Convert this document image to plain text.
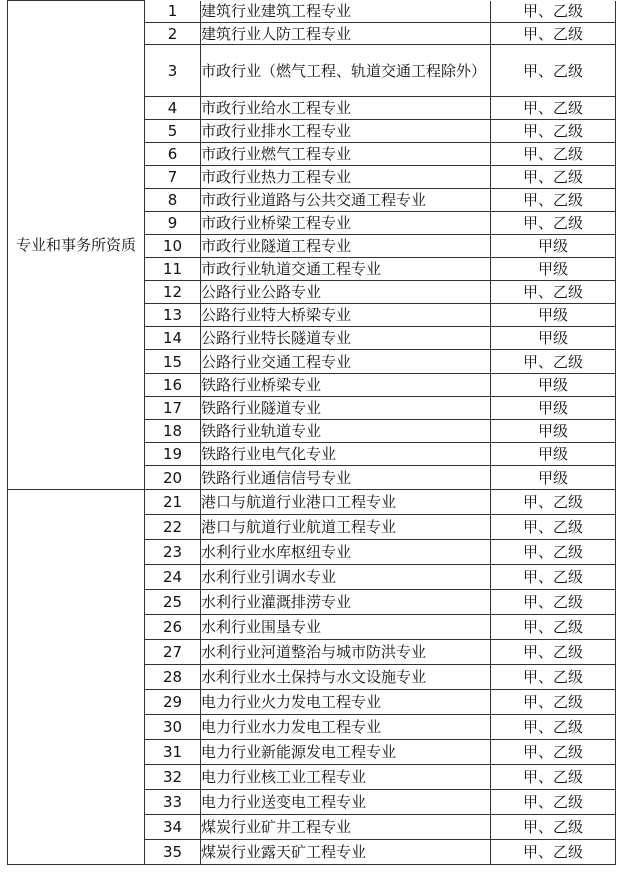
专业和事务所资质	1	建筑行业建筑工程专业	甲、乙级
	2	建筑行业人防工程专业	甲、乙级
	3	市政行业（燃气工程、轨道交通工程除外）	甲、乙级
	4	市政行业给水工程专业	甲、乙级
	5	市政行业排水工程专业	甲、乙级
	6	市政行业燃气工程专业	甲、乙级
	7	市政行业热力工程专业	甲、乙级
	8	市政行业道路与公共交通工程专业	甲、乙级
	9	市政行业桥梁工程专业	甲、乙级
	10	市政行业隧道工程专业	甲级
	11	市政行业轨道交通工程专业	甲级
	12	公路行业公路专业	甲、乙级
	13	公路行业特大桥梁专业	甲级
	14	公路行业特长隧道专业	甲级
	15	公路行业交通工程专业	甲、乙级
	16	铁路行业桥梁专业	甲级
	17	铁路行业隧道专业	甲级
	18	铁路行业轨道专业	甲级
	19	铁路行业电气化专业	甲级
	20	铁路行业通信信号专业	甲级

	21	港口与航道行业港口工程专业	甲、乙级
	22	港口与航道行业航道工程专业	甲、乙级
	23	水利行业水库枢纽专业	甲、乙级
	24	水利行业引调水专业	甲、乙级
	25	水利行业灌溉排涝专业	甲、乙级
	26	水利行业围垦专业	甲、乙级
	27	水利行业河道整治与城市防洪专业	甲、乙级
	28	水利行业水土保持与水文设施专业	甲、乙级
	29	电力行业火力发电工程专业	甲、乙级
	30	电力行业水力发电工程专业	甲、乙级
	31	电力行业新能源发电工程专业	甲、乙级
	32	电力行业核工业工程专业	甲、乙级
	33	电力行业送变电工程专业	甲、乙级
	34	煤炭行业矿井工程专业	甲、乙级
	35	煤炭行业露天矿工程专业	甲、乙级
